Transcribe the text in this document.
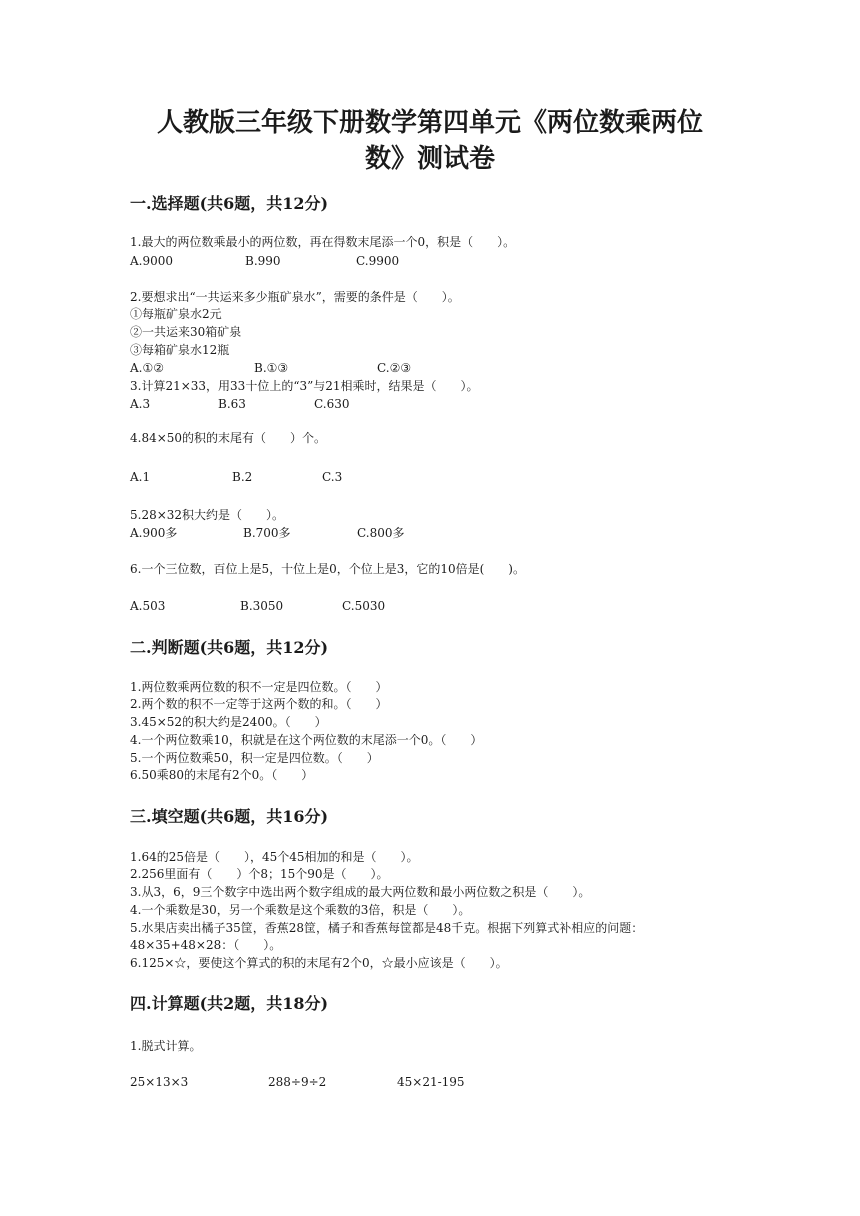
人教版三年级下册数学第四单元《两位数乘两位
数》测试卷
一.选择题(共6题，共12分)
1.最大的两位数乘最小的两位数，再在得数末尾添一个0，积是（　　）。
A.9000	B.990	C.9900
2.要想求出“一共运来多少瓶矿泉水”，需要的条件是（　　）。
①每瓶矿泉水2元
②一共运来30箱矿泉
③每箱矿泉水12瓶
A.①②	B.①③	C.②③
3.计算21×33，用33十位上的“3”与21相乘时，结果是（　　）。
A.3	B.63	C.630
4.84×50的积的末尾有（　　）个。
A.1	B.2	C.3
5.28×32积大约是（　　）。
A.900多	B.700多	C.800多
6.一个三位数，百位上是5，十位上是0，个位上是3，它的10倍是(　　)。
A.503	B.3050	C.5030
二.判断题(共6题，共12分)
1.两位数乘两位数的积不一定是四位数。（　　）
2.两个数的积不一定等于这两个数的和。（　　）
3.45×52的积大约是2400。（　　）
4.一个两位数乘10，积就是在这个两位数的末尾添一个0。（　　）
5.一个两位数乘50，积一定是四位数。（　　）
6.50乘80的末尾有2个0。（　　）
三.填空题(共6题，共16分)
1.64的25倍是（　　），45个45相加的和是（　　）。
2.256里面有（　　）个8；15个90是（　　）。
3.从3，6，9三个数字中选出两个数字组成的最大两位数和最小两位数之积是（　　）。
4.一个乘数是30，另一个乘数是这个乘数的3倍，积是（　　）。
5.水果店卖出橘子35筐，香蕉28筐，橘子和香蕉每筐都是48千克。根据下列算式补相应的问题：
48×35+48×28：（　　）。
6.125×☆，要使这个算式的积的末尾有2个0，☆最小应该是（　　）。
四.计算题(共2题，共18分)
1.脱式计算。
25×13×3	288÷9÷2	45×21-195
